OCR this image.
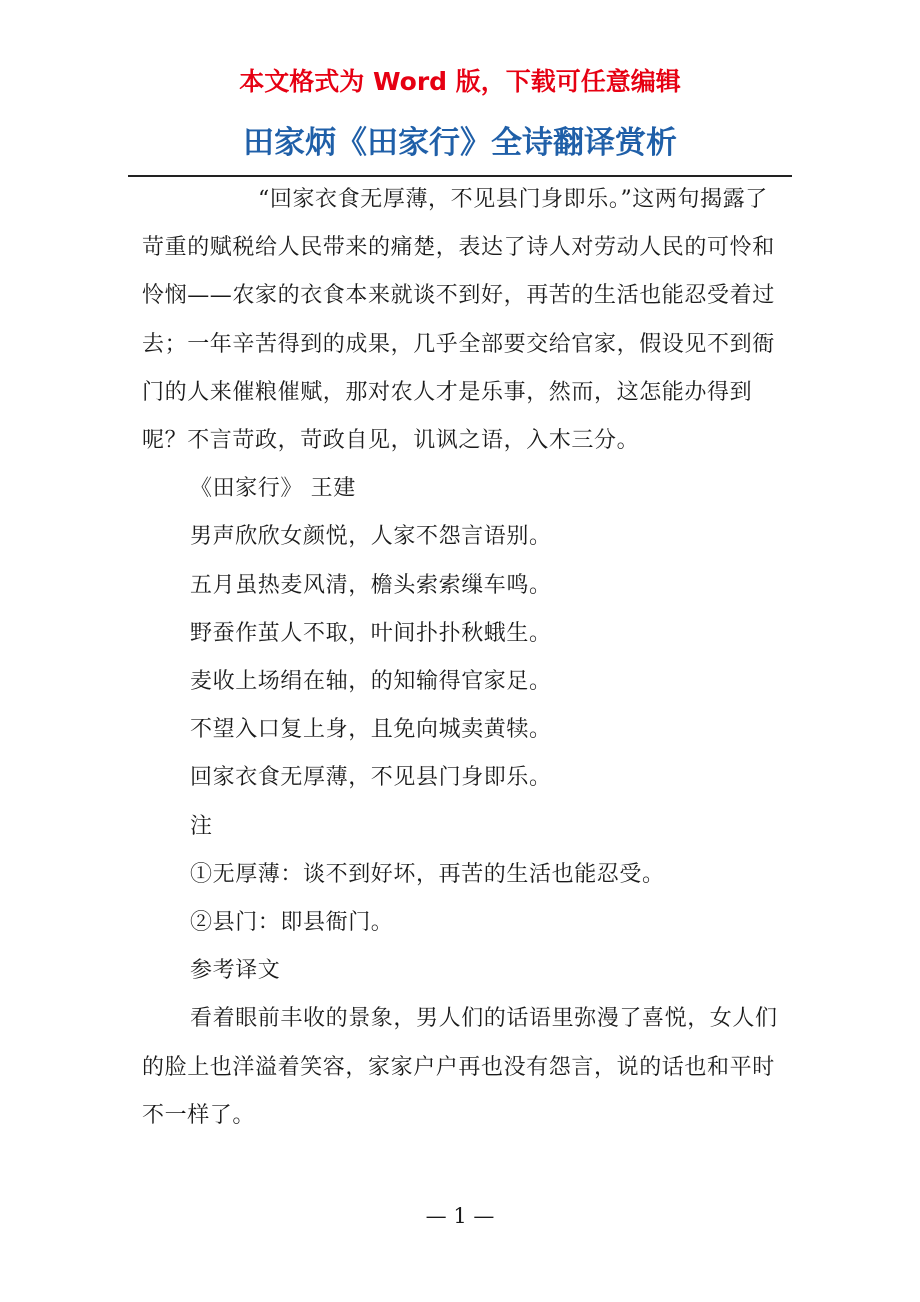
本文格式为 Word 版，下载可任意编辑
田家炳《田家行》全诗翻译赏析

“回家衣食无厚薄，不见县门身即乐。”这两句揭露了苛重的赋税给人民带来的痛楚，表达了诗人对劳动人民的可怜和怜悯——农家的衣食本来就谈不到好，再苦的生活也能忍受着过去；一年辛苦得到的成果，几乎全部要交给官家，假设见不到衙门的人来催粮催赋，那对农人才是乐事，然而，这怎能办得到呢？不言苛政，苛政自见，讥讽之语，入木三分。

《田家行》 王建

男声欣欣女颜悦，人家不怨言语别。

五月虽热麦风清，檐头索索缫车鸣。

野蚕作茧人不取，叶间扑扑秋蛾生。

麦收上场绢在轴，的知输得官家足。

不望入口复上身，且免向城卖黄犊。

回家衣食无厚薄，不见县门身即乐。

注

①无厚薄：谈不到好坏，再苦的生活也能忍受。

②县门：即县衙门。

参考译文

看着眼前丰收的景象，男人们的话语里弥漫了喜悦，女人们的脸上也洋溢着笑容，家家户户再也没有怨言，说的话也和平时不一样了。

— 1 —
